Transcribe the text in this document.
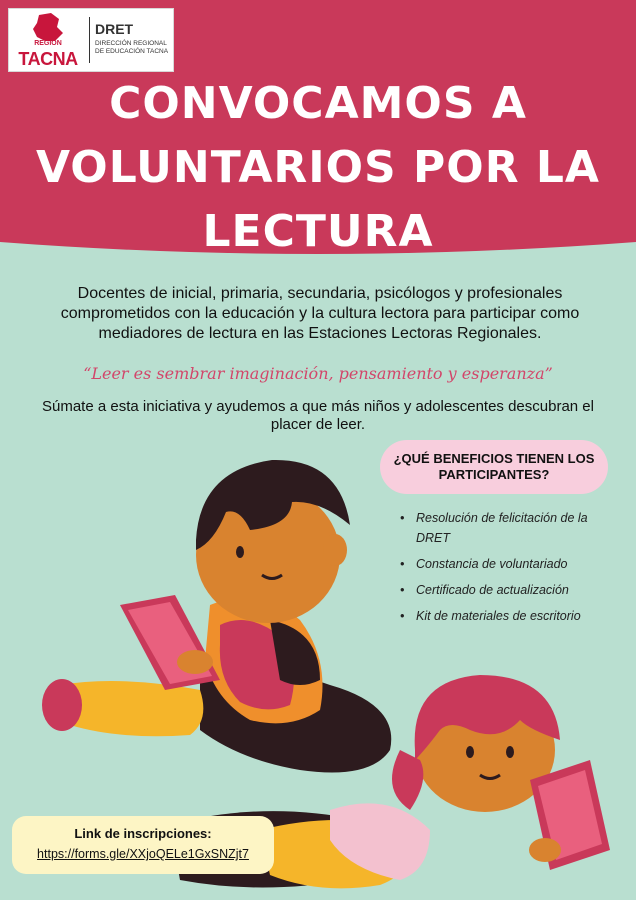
REGIÓN
TACNA
DRET
DIRECCIÓN REGIONAL DE EDUCACIÓN TACNA
CONVOCAMOS A
VOLUNTARIOS POR LA
LECTURA

Docentes de inicial, primaria, secundaria, psicólogos y profesionales comprometidos con la educación y la cultura lectora para participar como mediadores de lectura en las Estaciones Lectoras Regionales.

“Leer es sembrar imaginación, pensamiento y esperanza”

Súmate a esta iniciativa y ayudemos a que más niños y adolescentes descubran el placer de leer.

¿QUÉ BENEFICIOS TIENEN LOS PARTICIPANTES?
• Resolución de felicitación de la DRET
• Constancia de voluntariado
• Certificado de actualización
• Kit de materiales de escritorio
Link de inscripciones:
https://forms.gle/XXjoQELe1GxSNZjt7
